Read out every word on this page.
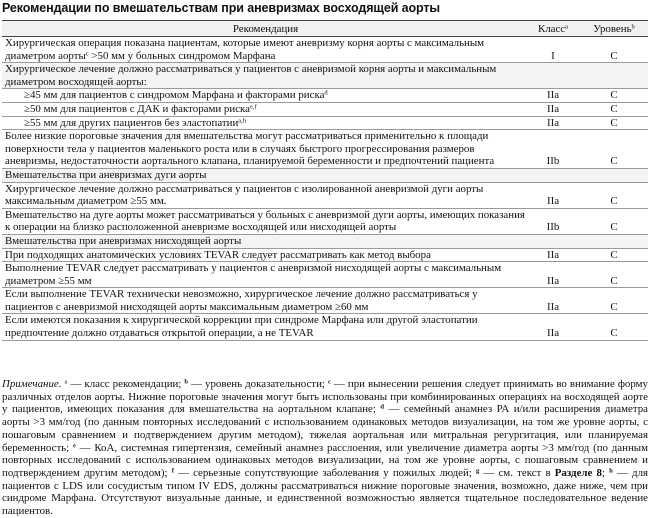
Рекомендации по вмешательствам при аневризмах восходящей аорты
Рекомендация	Класс$^a$	Уровень$^b$
Хирургическая операция показана пациентам, которые имеют аневризму корня аорты с максимальным
диаметром аорты$^c$ >50 мм у больных синдромом Марфана	I	C
Хирургическое лечение должно рассматриваться у пациентов с аневризмой корня аорты и максимальным диаметром восходящей аорты:		
≥45 мм для пациентов с синдромом Марфана и факторами риска$^d$	IIa	C
≥50 мм для пациентов с ДАК и факторами риска$^{e,f}$	IIa	C
≥55 мм для других пациентов без эластопатии$^{a,h}$	IIa	C
Более низкие пороговые значения для вмешательства могут рассматриваться применительно к площади поверхности тела у пациентов маленького роста или в случаях быстрого прогрессирования размеров аневризмы, недостаточности аортального клапана, планируемой беременности и предпочтений пациента	IIb	C
Вмешательства при аневризмах дуги аорты		
Хирургическое лечение должно рассматриваться у пациентов с изолированной аневризмой дуги аорты максимальным диаметром ≥55 мм.	IIa	C
Вмешательство на дуге аорты может рассматриваться у больных с аневризмой дуги аорты, имеющих показания к операции на близко расположенной аневризме восходящей или нисходящей аорты	IIb	C
Вмешательства при аневризмах нисходящей аорты		
При подходящих анатомических условиях TEVAR следует рассматривать как метод выбора	IIa	C
Выполнение TEVAR следует рассматривать у пациентов с аневризмой нисходящей аорты с максимальным диаметром ≥55 мм	IIa	C
Если выполнение TEVAR технически невозможно, хирургическое лечение должно рассматриваться у пациентов с аневризмой нисходящей аорты максимальным диаметром ≥60 мм	IIa	C
Если имеются показания к хирургической коррекции при синдроме Марфана или другой эластопатии предпочтение должно отдаваться открытой операции, а не TEVAR	IIa	C
Примечание. $^a$ — класс рекомендации; $^b$ — уровень доказательности; $^c$ — при вынесении решения следует принимать во внимание форму различных отделов аорты. Нижние пороговые значения могут быть использованы при комбинированных операциях на восходящей аорте у пациентов, имеющих показания для вмешательства на аортальном клапане; $^d$ — семейный анамнез РА и/или расширения диаметра аорты >3 мм/год (по данным повторных исследований с использованием одинаковых методов визуализации, на том же уровне аорты, с пошаговым сравнением и подтверждением другим методом), тяжелая аортальная или митральная регургитация, или планируемая беременность; $^e$ — КоА, системная гипертензия, семейный анамнез расслоения, или увеличение диаметра аорты >3 мм/год (по данным повторных исследований с использованием одинаковых методов визуализации, на том же уровне аорты, с пошаговым сравнением и подтверждением другим методом); $^f$ — серьезные сопутствующие заболевания у пожилых людей; $^g$ — см. текст в Разделе 8; $^h$ — для пациентов с LDS или сосудистым типом IV EDS, должны рассматриваться нижние пороговые значения, возможно, даже ниже, чем при синдроме Марфана. Отсутствуют визуальные данные, и единственной возможностью является тщательное последовательное ведение пациентов.
